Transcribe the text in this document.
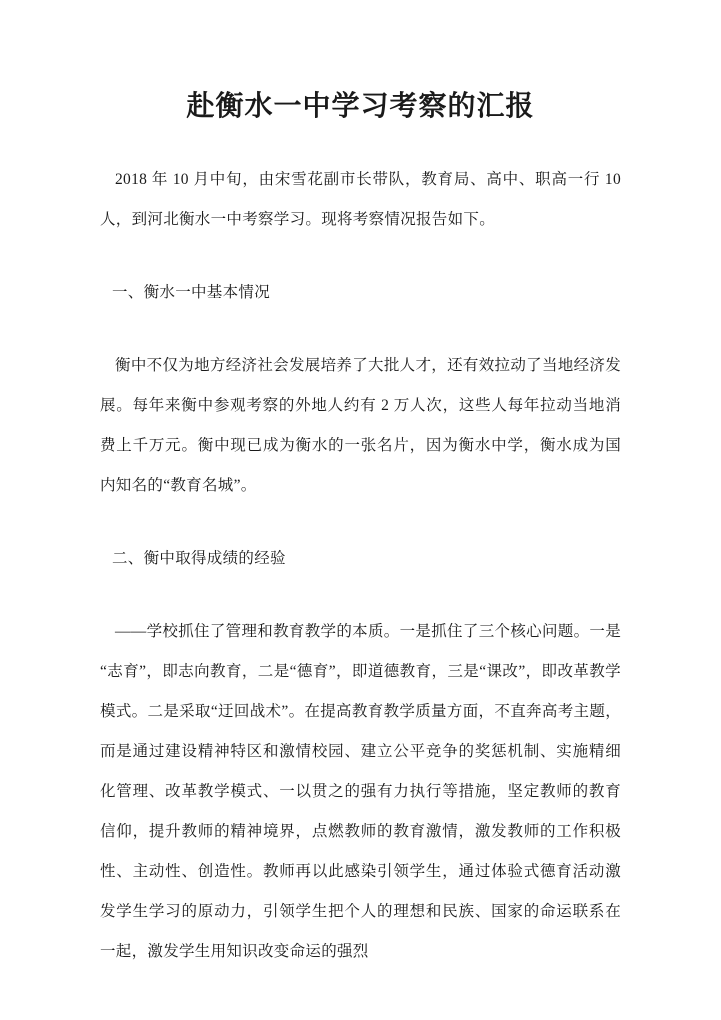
赴衡水一中学习考察的汇报

2018 年 10 月中旬，由宋雪花副市长带队，教育局、高中、职高一行 10 人，到河北衡水一中考察学习。现将考察情况报告如下。

一、衡水一中基本情况

衡中不仅为地方经济社会发展培养了大批人才，还有效拉动了当地经济发展。每年来衡中参观考察的外地人约有 2 万人次，这些人每年拉动当地消费上千万元。衡中现已成为衡水的一张名片，因为衡水中学，衡水成为国内知名的“教育名城”。

二、衡中取得成绩的经验

——学校抓住了管理和教育教学的本质。一是抓住了三个核心问题。一是“志育”，即志向教育，二是“德育”，即道德教育，三是“课改”，即改革教学模式。二是采取“迂回战术”。在提高教育教学质量方面，不直奔高考主题，而是通过建设精神特区和激情校园、建立公平竞争的奖惩机制、实施精细化管理、改革教学模式、一以贯之的强有力执行等措施，坚定教师的教育信仰，提升教师的精神境界，点燃教师的教育激情，激发教师的工作积极性、主动性、创造性。教师再以此感染引领学生，通过体验式德育活动激发学生学习的原动力，引领学生把个人的理想和民族、国家的命运联系在一起，激发学生用知识改变命运的强烈
